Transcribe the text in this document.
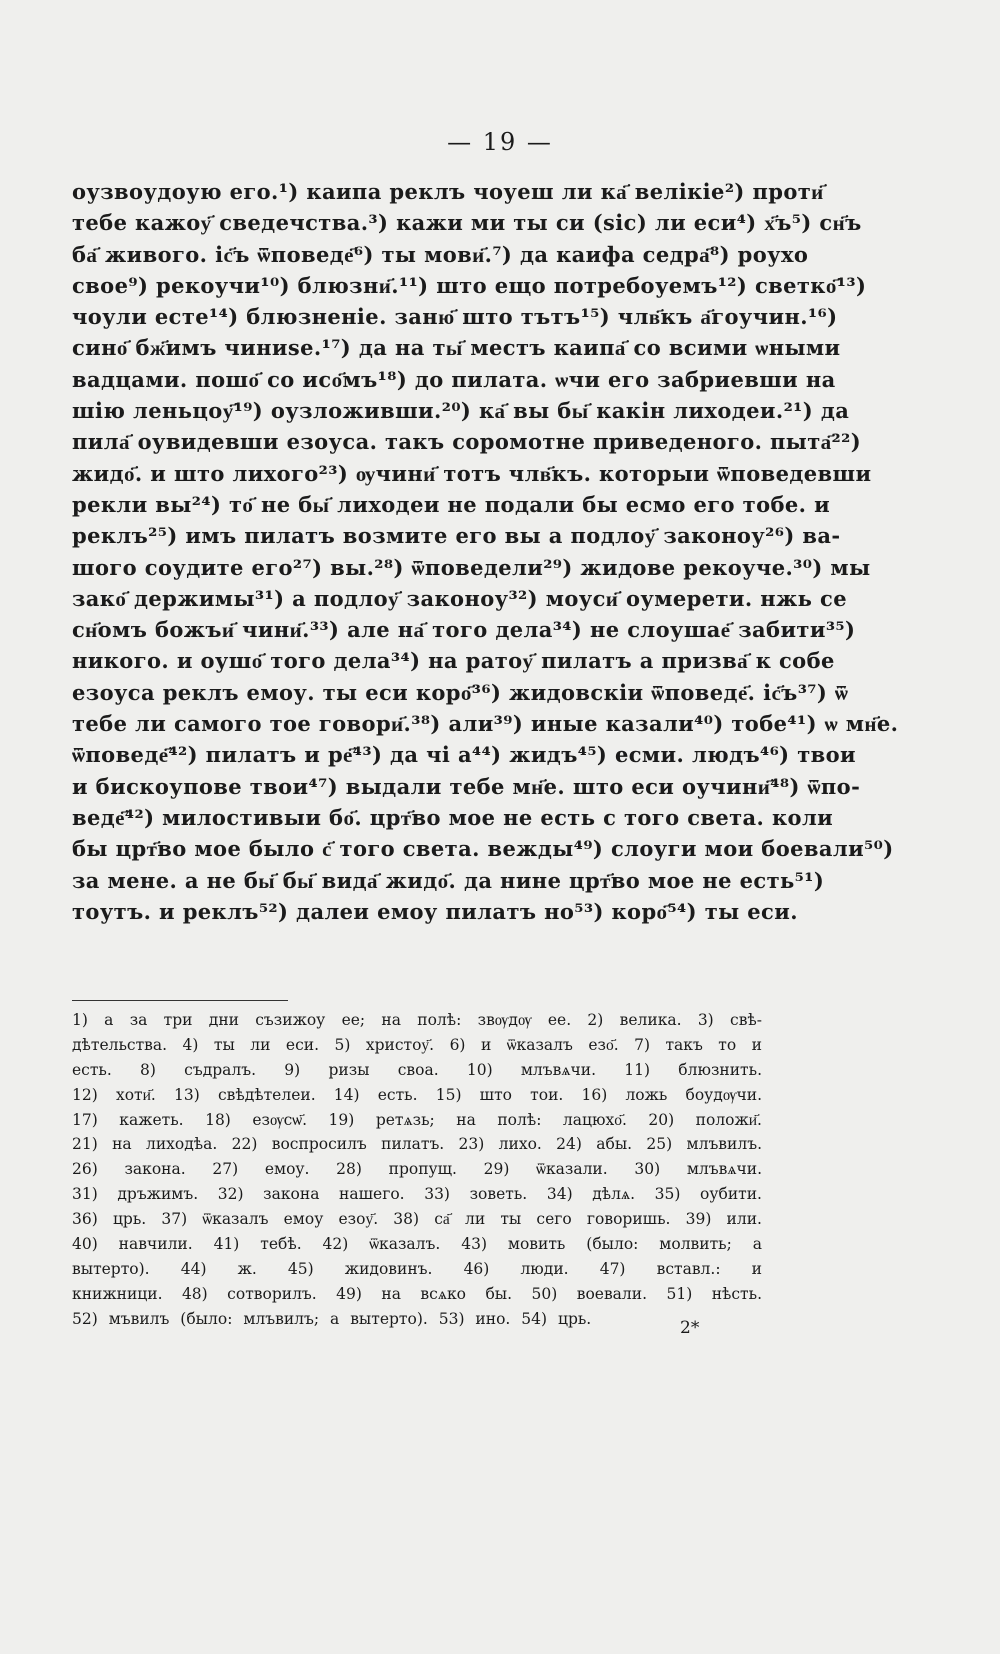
— 19 —
оузвоудоую его.¹) каипа реклъ чоуеш ли ка҃ велікіе²) проти҃
тебе кажоу҃ сведечства.³) кажи ми ты си (sic) ли еси⁴) х҃ъ⁵) сн҃ъ
ба҃ живого. іс҃ъ ѿповеде҃⁶) ты мови҃.⁷) да каифа седра҃⁸) роухо
свое⁹) рекоучи¹⁰) блюзни҃.¹¹) што ещо потребоуемъ¹²) светко҃¹³)
чоули есте¹⁴) блюзненіе. заню҃ што тътъ¹⁵) члв҃къ а҃гоучин.¹⁶)
сино҃ бж҃имъ чиниѕе.¹⁷) да на ты҃ местъ каипа҃ со всими ѡными
вадцами. пошо҃ со исо҃мъ¹⁸) до пилата. ѡчи его забриевши на
шію леньцоу҃¹⁹) оузложивши.²⁰) ка҃ вы бы҃ какін лиходеи.²¹) да
пила҃ оувидевши езоуса. такъ соромотне приведеного. пыта҃²²)
жидо҃. и што лихого²³) ѹчини҃ тотъ члв҃къ. которыи ѿповедевши
рекли вы²⁴) то҃ не бы҃ лиходеи не подали бы есмо его тобе. и
реклъ²⁵) имъ пилатъ возмите его вы а подлоу҃ законоу²⁶) ва-
шого соудите его²⁷) вы.²⁸) ѿповедели²⁹) жидове рекоуче.³⁰) мы
зако҃ держимы³¹) а подлоу҃ законоу³²) моуси҃ оумерети. нжь се
сн҃омъ божъи҃ чини҃.³³) але на҃ того дела³⁴) не слоушае҃ забити³⁵)
никого. и оушо҃ того дела³⁴) на ратоу҃ пилатъ а призва҃ к собе
езоуса реклъ емоу. ты еси коро҃³⁶) жидовскіи ѿповеде҃. іс҃ъ³⁷) ѿ
тебе ли самого тое говори҃.³⁸) али³⁹) иные казали⁴⁰) тобе⁴¹) ѡ мн҃е.
ѿповеде҃⁴²) пилатъ и ре҃⁴³) да чі а⁴⁴) жидъ⁴⁵) есми. людъ⁴⁶) твои
и бискоупове твои⁴⁷) выдали тебе мн҃е. што еси оучини҃⁴⁸) ѿпо-
веде҃⁴²) милостивыи бо҃. црт҃во мое не есть с того света. коли
бы црт҃во мое было с҃ того света. вежды⁴⁹) слоуги мои боевали⁵⁰)
за мене. а не бы҃ бы҃ вида҃ жидо҃. да нине црт҃во мое не есть⁵¹)
тоутъ. и реклъ⁵²) далеи емоу пилатъ но⁵³) коро҃⁵⁴) ты еси.
1) а за три дни съзижоу ее; на полѣ: звѹдѹ ее. 2) велика. 3) свѣ-
дѣтельства. 4) ты ли еси. 5) христоу҃. 6) и ѿказалъ езо҃. 7) такъ то и
есть. 8) съдралъ. 9) ризы своа. 10) млъвѧчи. 11) блюзнить.
12) хоти҃. 13) свѣдѣтелеи. 14) есть. 15) што тои. 16) ложь боудѹчи.
17) кажеть. 18) езѹсѡ҃. 19) ретѧзь; на полѣ: лацюхо҃. 20) положи҃.
21) на лиходѣа. 22) воспросилъ пилатъ. 23) лихо. 24) абы. 25) млъвилъ.
26) закона. 27) емоу. 28) пропущ. 29) ѿказали. 30) млъвѧчи.
31) дръжимъ. 32) закона нашего. 33) зоветь. 34) дѣлѧ. 35) оубити.
36) црь. 37) ѿказалъ емоу езоу҃. 38) са҃ ли ты сего говоришь. 39) или.
40) навчили. 41) тебѣ. 42) ѿказалъ. 43) мовить (было: молвить; а
вытерто). 44) ж. 45) жидовинъ. 46) люди. 47) вставл.: и
книжници. 48) сотворилъ. 49) на всѧко бы. 50) воевали. 51) нѣсть.
52) мъвилъ (было: млъвилъ; а вытерто). 53) ино. 54) црь.	2*
